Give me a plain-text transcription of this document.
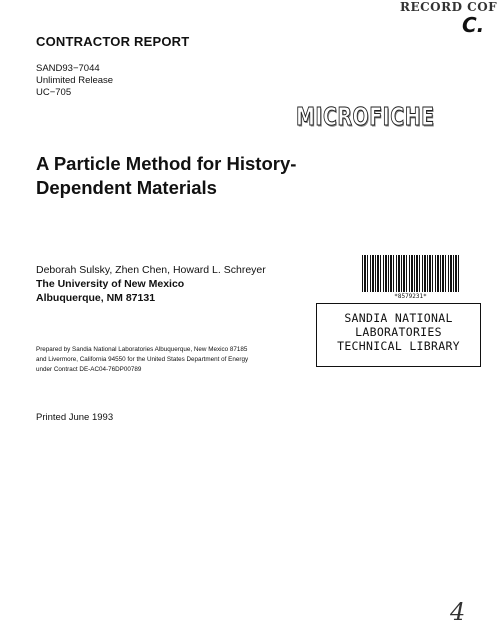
RECORD COF
C.
CONTRACTOR REPORT
SAND93−7044
Unlimited Release
UC−705
MICROFICHE
A Particle Method for History-Dependent Materials
Deborah Sulsky, Zhen Chen, Howard L. Schreyer
The University of New Mexico
Albuquerque, NM 87131	*8579231*
SANDIA NATIONAL
LABORATORIES
TECHNICAL LIBRARY
Prepared by Sandia National Laboratories Albuquerque, New Mexico 87185
and Livermore, California 94550 for the United States Department of Energy
under Contract DE-AC04-76DP00789
Printed June 1993
4
